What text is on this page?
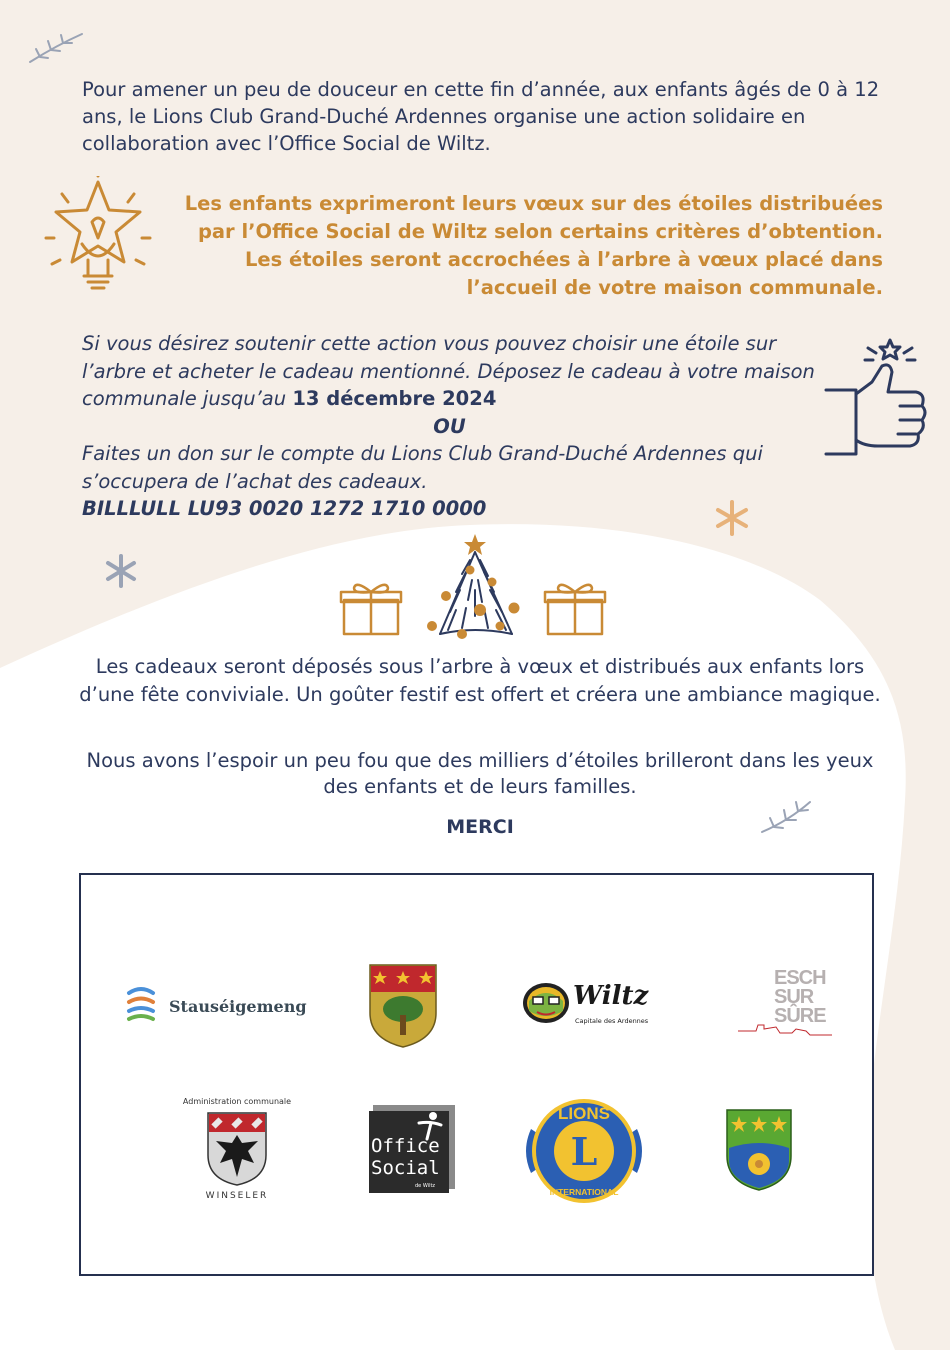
Pour amener un peu de douceur en cette fin d’année, aux enfants âgés de 0 à 12 ans, le Lions Club Grand-Duché Ardennes organise une action solidaire en collaboration avec l’Office Social de Wiltz.

Les enfants exprimeront leurs vœux sur des étoiles distribuées

par l’Office Social de Wiltz selon certains critères d’obtention.

Les étoiles seront accrochées à l’arbre à vœux placé dans

l’accueil de votre maison communale.

Si vous désirez soutenir cette action vous pouvez choisir une étoile sur l’arbre et acheter le cadeau mentionné. Déposez le cadeau à votre maison communale jusqu’au 13 décembre 2024

OU

Faites un don sur le compte du Lions Club Grand-Duché Ardennes qui s’occupera de l’achat des cadeaux.

BILLLULL LU93 0020 1272 1710 0000

Les cadeaux seront déposés sous l’arbre à vœux et distribués aux enfants lors d’une fête conviviale. Un goûter festif est offert et créera une ambiance magique.

Nous avons l’espoir un peu fou que des milliers d’étoiles brilleront dans les yeux des enfants et de leurs familles.

MERCI

Stauséigemeng	Wiltz
Capitale des Ardennes
ESCH
SUR
SÛRE
Administration communale
WINSELER
Office
Social
de Wiltz
LIONS
L
INTERNATIONAL
